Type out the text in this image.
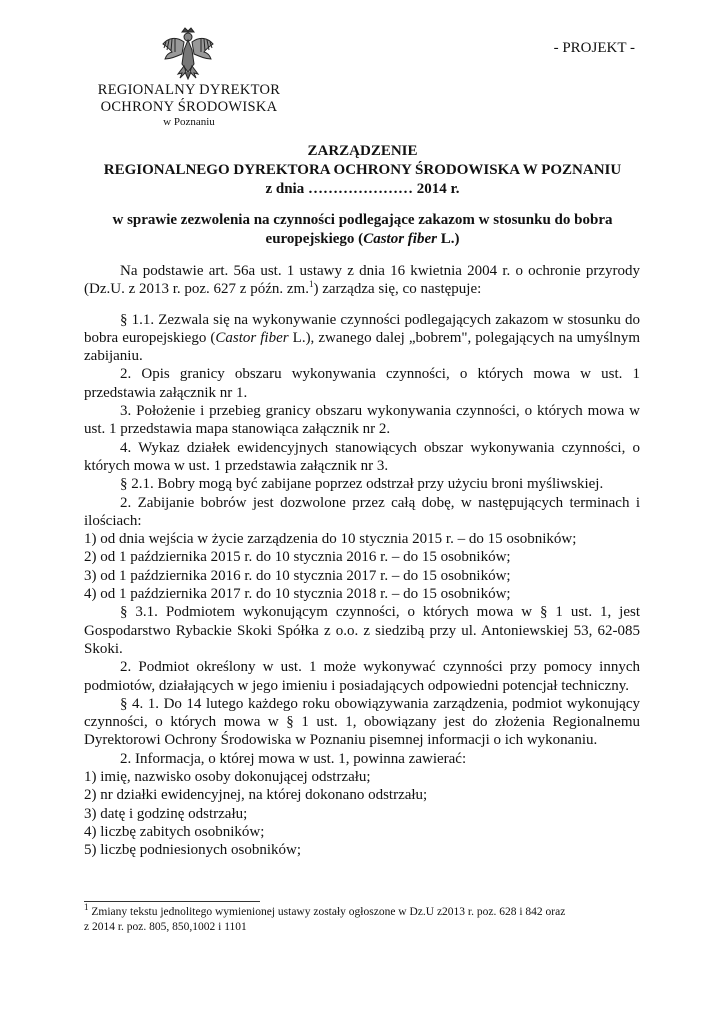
- PROJEKT -
REGIONALNY DYREKTOR
OCHRONY ŚRODOWISKA
w Poznaniu
ZARZĄDZENIE
REGIONALNEGO DYREKTORA OCHRONY ŚRODOWISKA W POZNANIU
z dnia ………………… 2014 r.
w sprawie zezwolenia na czynności podlegające zakazom w stosunku do bobra europejskiego (Castor fiber L.)

Na podstawie art. 56a ust. 1 ustawy z dnia 16 kwietnia 2004 r. o ochronie przyrody (Dz.U. z 2013 r. poz. 627 z późn. zm.$^1$) zarządza się, co następuje:

§ 1.1. Zezwala się na wykonywanie czynności podlegających zakazom w stosunku do bobra europejskiego (Castor fiber L.), zwanego dalej „bobrem", polegających na umyślnym zabijaniu.

2. Opis granicy obszaru wykonywania czynności, o których mowa w ust. 1 przedstawia załącznik nr 1.

3. Położenie i przebieg granicy obszaru wykonywania czynności, o których mowa w ust. 1 przedstawia mapa stanowiąca załącznik nr 2.

4. Wykaz działek ewidencyjnych stanowiących obszar wykonywania czynności, o których mowa w ust. 1 przedstawia załącznik nr 3.

§ 2.1. Bobry mogą być zabijane poprzez odstrzał przy użyciu broni myśliwskiej.

2. Zabijanie bobrów jest dozwolone przez całą dobę, w następujących terminach i ilościach:

1) od dnia wejścia w życie zarządzenia do 10 stycznia 2015 r. – do 15 osobników;

2) od 1 października 2015 r. do 10 stycznia 2016 r. – do 15 osobników;

3) od 1 października 2016 r. do 10 stycznia 2017 r. – do 15 osobników;

4) od 1 października 2017 r. do 10 stycznia 2018 r. – do 15 osobników;

§ 3.1. Podmiotem wykonującym czynności, o których mowa w § 1 ust. 1, jest Gospodarstwo Rybackie Skoki Spółka z o.o. z siedzibą przy ul. Antoniewskiej 53, 62-085 Skoki.

2. Podmiot określony w ust. 1 może wykonywać czynności przy pomocy innych podmiotów, działających w jego imieniu i posiadających odpowiedni potencjał techniczny.

§ 4. 1. Do 14 lutego każdego roku obowiązywania zarządzenia, podmiot wykonujący czynności, o których mowa w § 1 ust. 1, obowiązany jest do złożenia Regionalnemu Dyrektorowi Ochrony Środowiska w Poznaniu pisemnej informacji o ich wykonaniu.

2. Informacja, o której mowa w ust. 1, powinna zawierać:

1) imię, nazwisko osoby dokonującej odstrzału;

2) nr działki ewidencyjnej, na której dokonano odstrzału;

3) datę i godzinę odstrzału;

4) liczbę zabitych osobników;

5) liczbę podniesionych osobników;

$^1$ Zmiany tekstu jednolitego wymienionej ustawy zostały ogłoszone w Dz.U z2013 r. poz. 628 i 842 oraz
z 2014 r. poz. 805, 850,1002 i 1101
